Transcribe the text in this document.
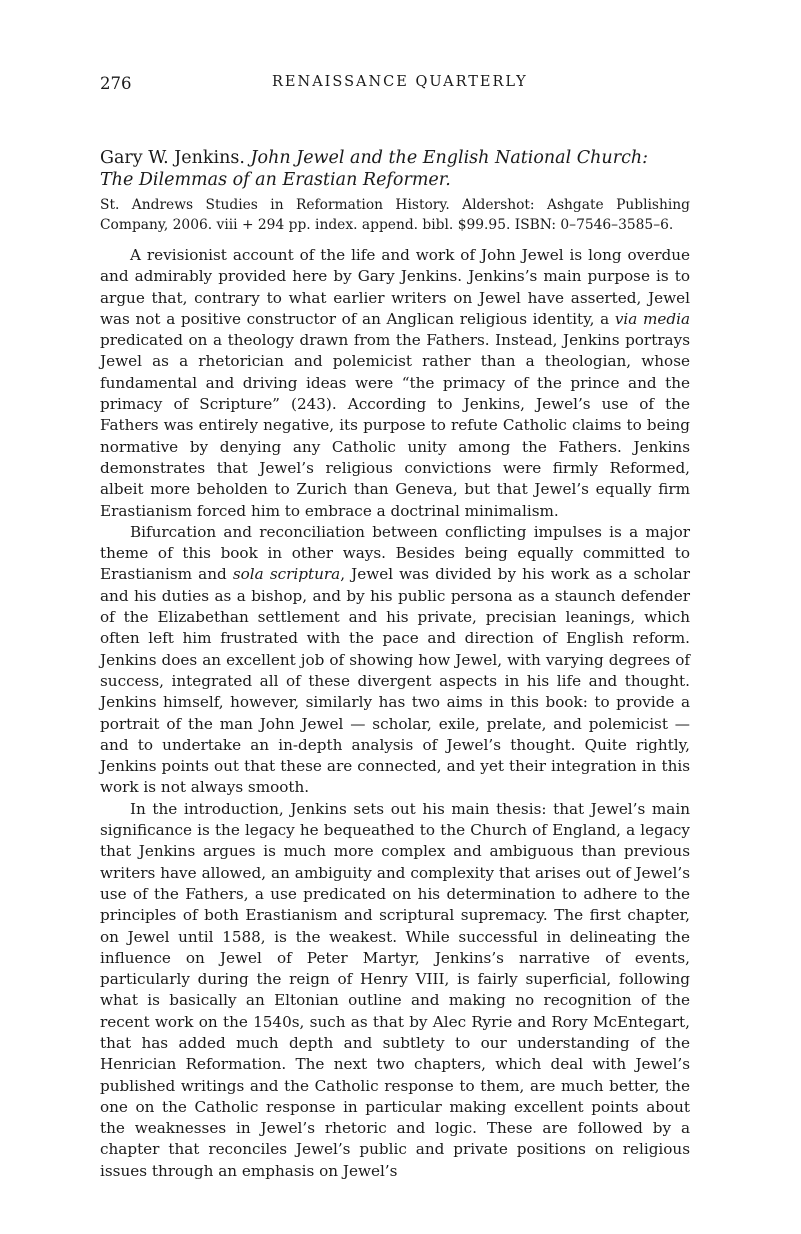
276	RENAISSANCE QUARTERLY
Gary W. Jenkins. John Jewel and the English National Church:
The Dilemmas of an Erastian Reformer.
St. Andrews Studies in Reformation History. Aldershot: Ashgate Publishing Company, 2006. viii + 294 pp. index. append. bibl. $99.95. ISBN: 0–7546–3585–6.

A revisionist account of the life and work of John Jewel is long overdue and admirably provided here by Gary Jenkins. Jenkins’s main purpose is to argue that, contrary to what earlier writers on Jewel have asserted, Jewel was not a positive constructor of an Anglican religious identity, a via media predicated on a theology drawn from the Fathers. Instead, Jenkins portrays Jewel as a rhetorician and polemicist rather than a theologian, whose fundamental and driving ideas were “the primacy of the prince and the primacy of Scripture” (243). According to Jenkins, Jewel’s use of the Fathers was entirely negative, its purpose to refute Catholic claims to being normative by denying any Catholic unity among the Fathers. Jenkins demonstrates that Jewel’s religious convictions were firmly Reformed, albeit more beholden to Zurich than Geneva, but that Jewel’s equally firm Erastianism forced him to embrace a doctrinal minimalism.

Bifurcation and reconciliation between conflicting impulses is a major theme of this book in other ways. Besides being equally committed to Erastianism and sola scriptura, Jewel was divided by his work as a scholar and his duties as a bishop, and by his public persona as a staunch defender of the Elizabethan settlement and his private, precisian leanings, which often left him frustrated with the pace and direction of English reform. Jenkins does an excellent job of showing how Jewel, with varying degrees of success, integrated all of these divergent aspects in his life and thought. Jenkins himself, however, similarly has two aims in this book: to provide a portrait of the man John Jewel — scholar, exile, prelate, and polemicist — and to undertake an in-depth analysis of Jewel’s thought. Quite rightly, Jenkins points out that these are connected, and yet their integration in this work is not always smooth.

In the introduction, Jenkins sets out his main thesis: that Jewel’s main significance is the legacy he bequeathed to the Church of England, a legacy that Jenkins argues is much more complex and ambiguous than previous writers have allowed, an ambiguity and complexity that arises out of Jewel’s use of the Fathers, a use predicated on his determination to adhere to the principles of both Erastianism and scriptural supremacy. The first chapter, on Jewel until 1588, is the weakest. While successful in delineating the influence on Jewel of Peter Martyr, Jenkins’s narrative of events, particularly during the reign of Henry VIII, is fairly superficial, following what is basically an Eltonian outline and making no recognition of the recent work on the 1540s, such as that by Alec Ryrie and Rory McEntegart, that has added much depth and subtlety to our understanding of the Henrician Reformation. The next two chapters, which deal with Jewel’s published writings and the Catholic response to them, are much better, the one on the Catholic response in particular making excellent points about the weaknesses in Jewel’s rhetoric and logic. These are followed by a chapter that reconciles Jewel’s public and private positions on religious issues through an emphasis on Jewel’s
